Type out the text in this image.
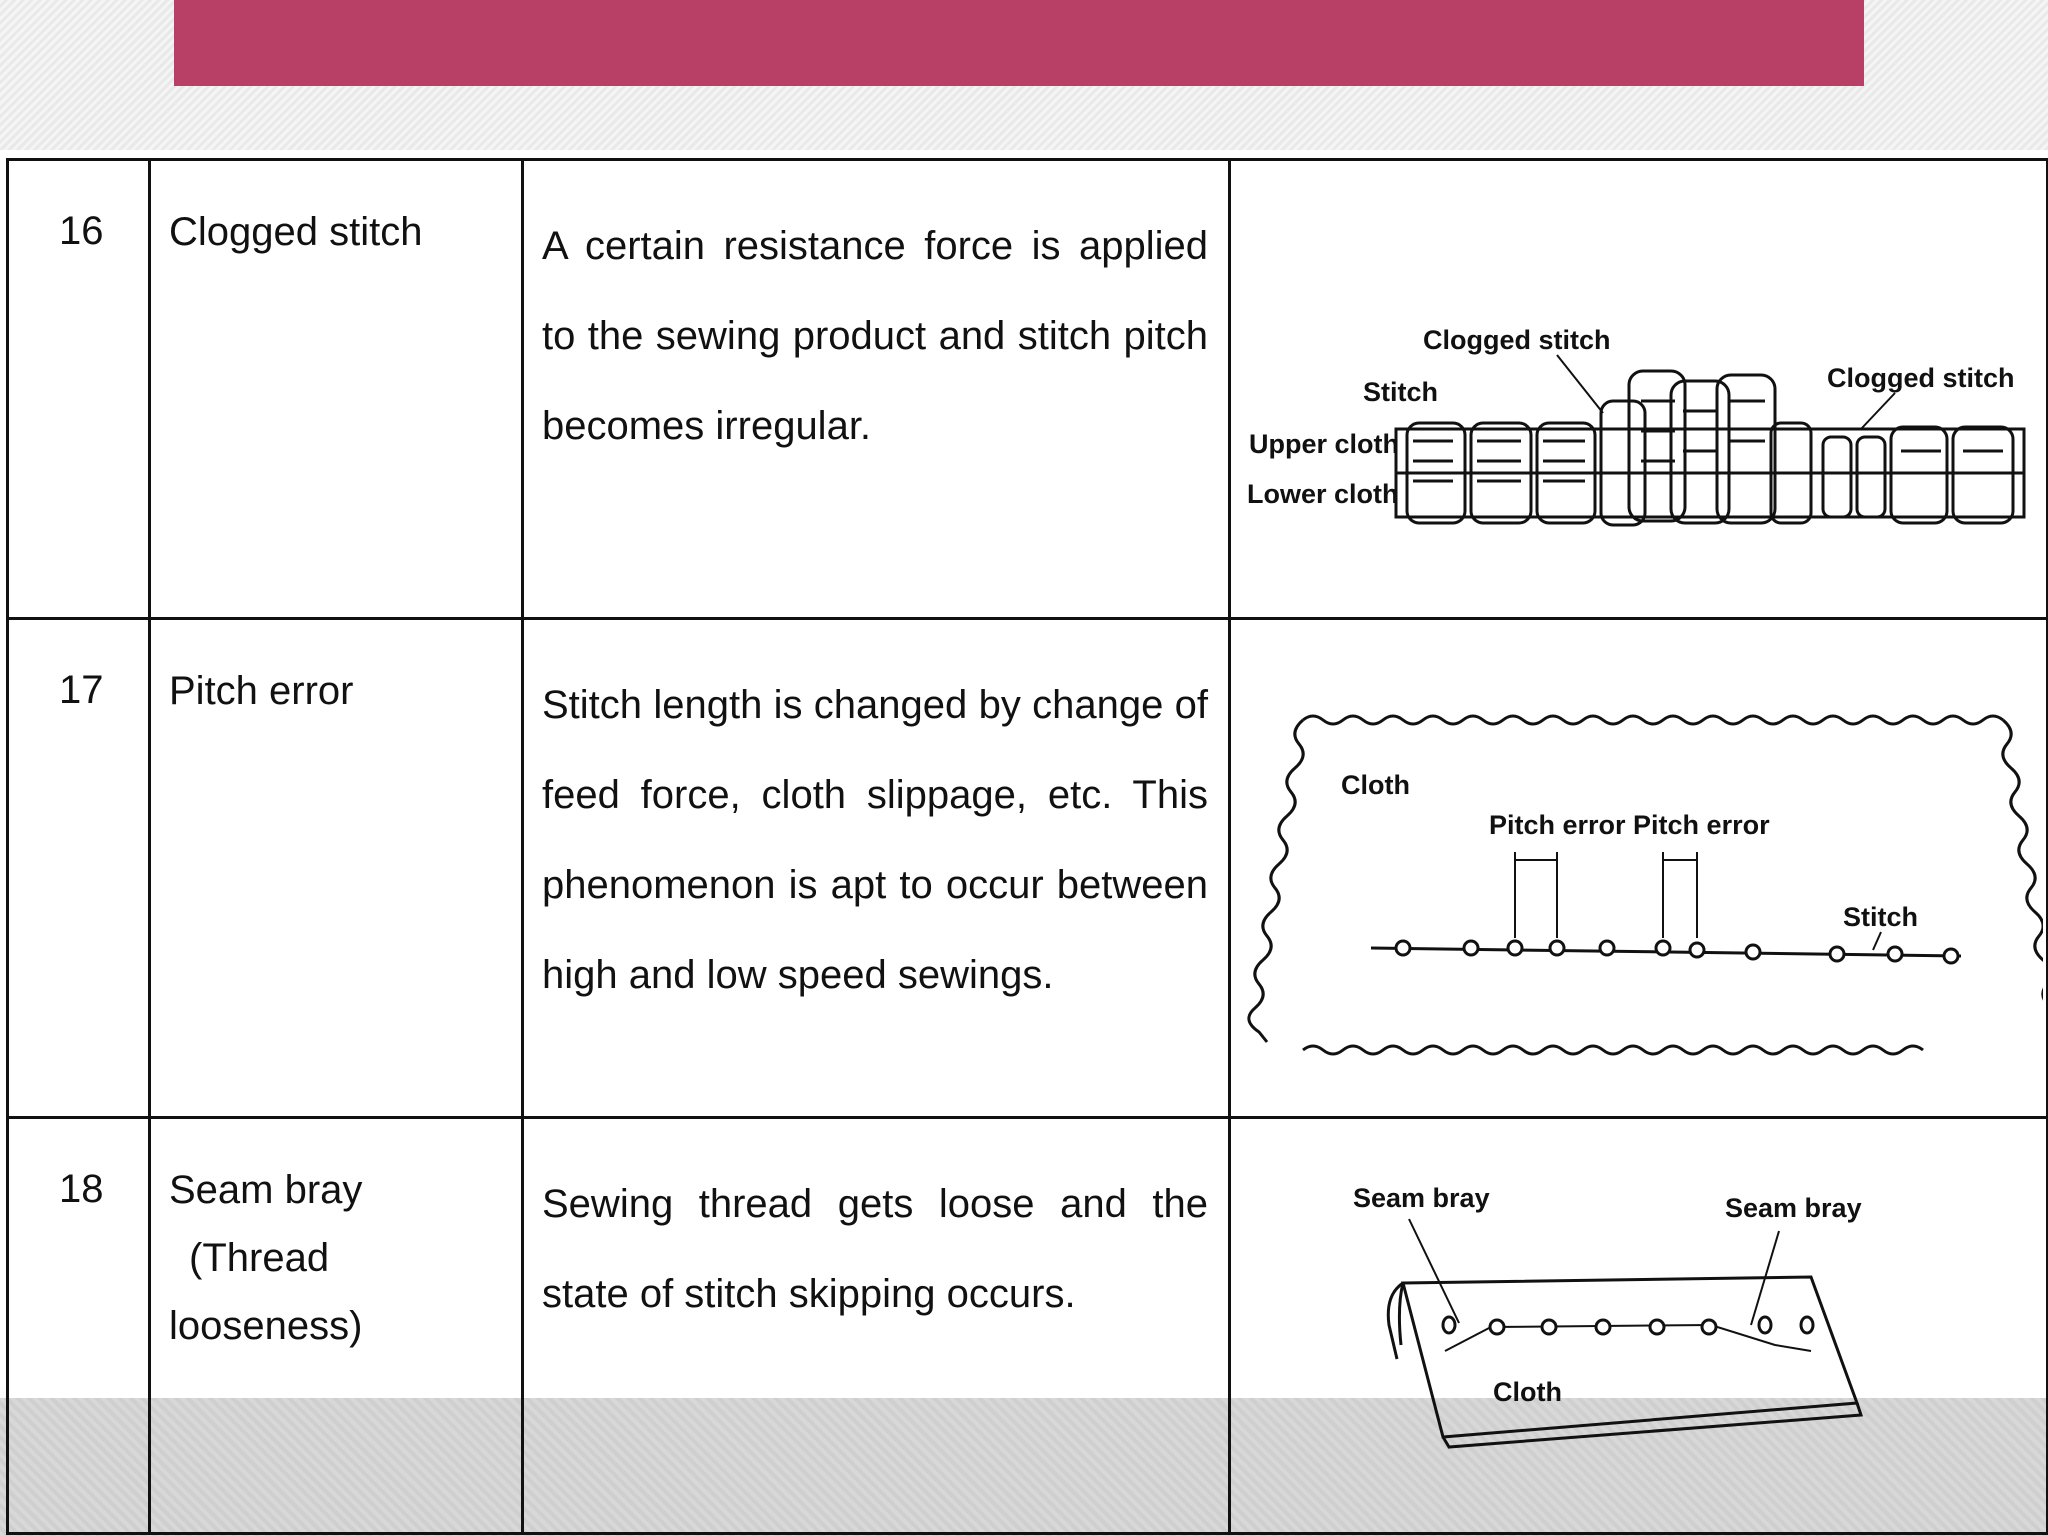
16	Clogged stitch	A certain resistance force is applied to the sewing product and stitch pitch becomes irregular.	Clogged stitch
Stitch Clogged stitch
Upper cloth
Lower cloth

17	Pitch error	Stitch length is changed by change of feed force, cloth slippage, etc. This phenomenon is apt to occur between high and low speed sewings.	Cloth
Pitch error Pitch error
Stitch

18	Seam bray
(Thread
looseness)	Sewing thread gets loose and the state of stitch skipping occurs.	Seam bray Seam bray
Cloth
